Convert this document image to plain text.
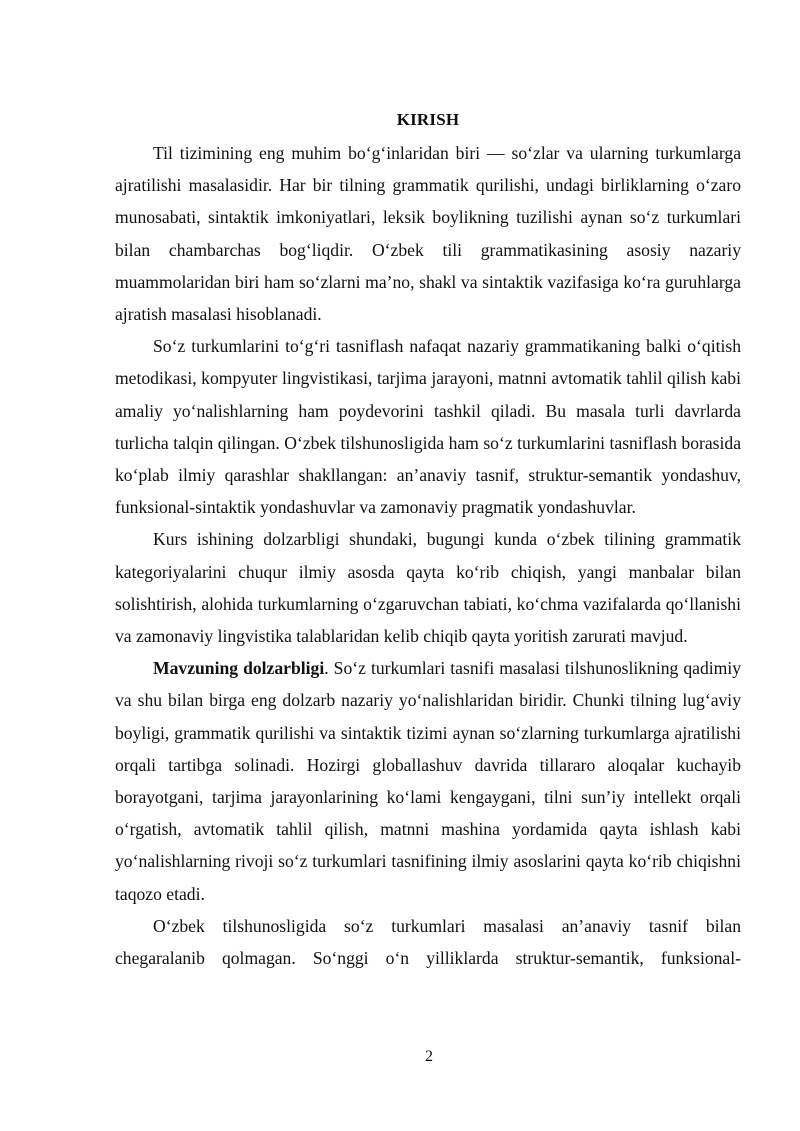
KIRISH

Til tizimining eng muhim bo‘g‘inlaridan biri — so‘zlar va ularning turkumlarga ajratilishi masalasidir. Har bir tilning grammatik qurilishi, undagi birliklarning o‘zaro munosabati, sintaktik imkoniyatlari, leksik boylikning tuzilishi aynan so‘z turkumlari bilan chambarchas bog‘liqdir. O‘zbek tili grammatikasining asosiy nazariy muammolaridan biri ham so‘zlarni ma’no, shakl va sintaktik vazifasiga ko‘ra guruhlarga ajratish masalasi hisoblanadi.

So‘z turkumlarini to‘g‘ri tasniflash nafaqat nazariy grammatikaning balki o‘qitish metodikasi, kompyuter lingvistikasi, tarjima jarayoni, matnni avtomatik tahlil qilish kabi amaliy yo‘nalishlarning ham poydevorini tashkil qiladi. Bu masala turli davrlarda turlicha talqin qilingan. O‘zbek tilshunosligida ham so‘z turkumlarini tasniflash borasida ko‘plab ilmiy qarashlar shakllangan: an’anaviy tasnif, struktur-semantik yondashuv, funksional-sintaktik yondashuvlar va zamonaviy pragmatik yondashuvlar.

Kurs ishining dolzarbligi shundaki, bugungi kunda o‘zbek tilining grammatik kategoriyalarini chuqur ilmiy asosda qayta ko‘rib chiqish, yangi manbalar bilan solishtirish, alohida turkumlarning o‘zgaruvchan tabiati, ko‘chma vazifalarda qo‘llanishi va zamonaviy lingvistika talablaridan kelib chiqib qayta yoritish zarurati mavjud.

Mavzuning dolzarbligi. So‘z turkumlari tasnifi masalasi tilshunoslikning qadimiy va shu bilan birga eng dolzarb nazariy yo‘nalishlaridan biridir. Chunki tilning lug‘aviy boyligi, grammatik qurilishi va sintaktik tizimi aynan so‘zlarning turkumlarga ajratilishi orqali tartibga solinadi. Hozirgi globallashuv davrida tillararo aloqalar kuchayib borayotgani, tarjima jarayonlarining ko‘lami kengaygani, tilni sun’iy intellekt orqali o‘rgatish, avtomatik tahlil qilish, matnni mashina yordamida qayta ishlash kabi yo‘nalishlarning rivoji so‘z turkumlari tasnifining ilmiy asoslarini qayta ko‘rib chiqishni taqozo etadi.

O‘zbek tilshunosligida so‘z turkumlari masalasi an’anaviy tasnif bilan chegaralanib qolmagan. So‘nggi o‘n yilliklarda struktur-semantik, funksional-

2
